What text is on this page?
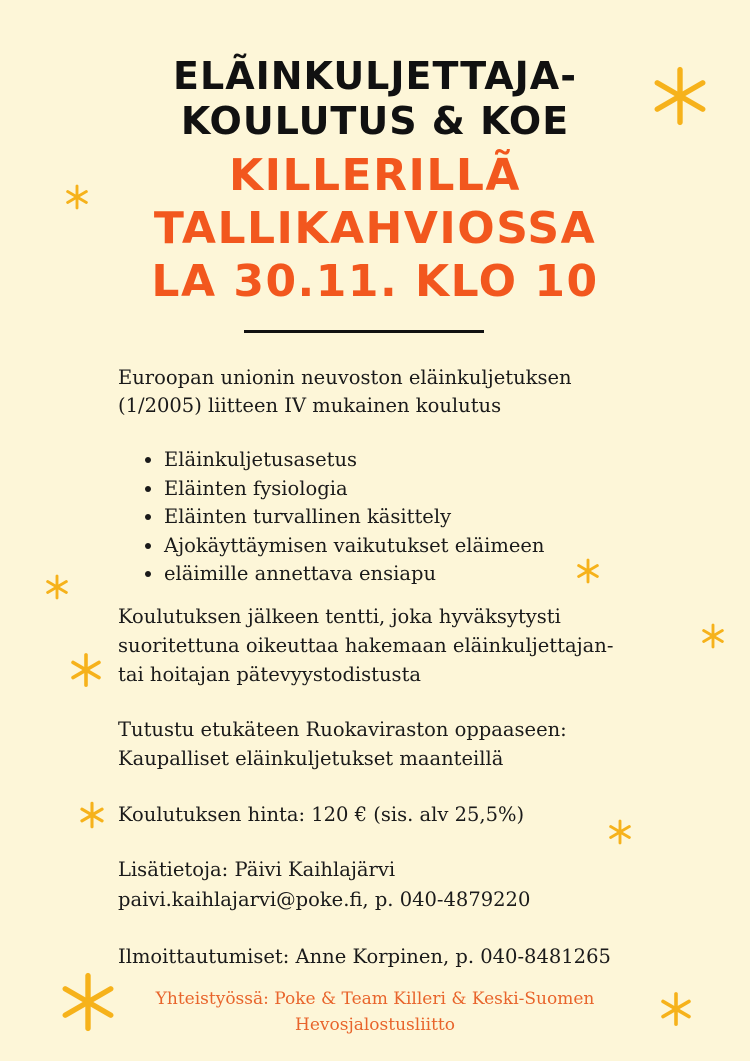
ELÃINKULJETTAJA-
KOULUTUS & KOE
KILLERILLÃ
TALLIKAHVIOSSA
LA 30.11. KLO 10
Euroopan unionin neuvoston eläinkuljetuksen
(1/2005) liitteen IV mukainen koulutus
• Eläinkuljetusasetus
• Eläinten fysiologia
• Eläinten turvallinen käsittely
• Ajokäyttäymisen vaikutukset eläimeen
• eläimille annettava ensiapu
Koulutuksen jälkeen tentti, joka hyväksytysti
suoritettuna oikeuttaa hakemaan eläinkuljettajan-
tai hoitajan pätevyystodistusta
Tutustu etukäteen Ruokaviraston oppaaseen:
Kaupalliset eläinkuljetukset maanteillä
Koulutuksen hinta: 120 € (sis. alv 25,5%)
Lisätietoja: Päivi Kaihlajärvi
paivi.kaihlajarvi@poke.fi, p. 040-4879220
Ilmoittautumiset: Anne Korpinen, p. 040-8481265
Yhteistyössä: Poke & Team Killeri & Keski-Suomen
Hevosjalostusliitto
